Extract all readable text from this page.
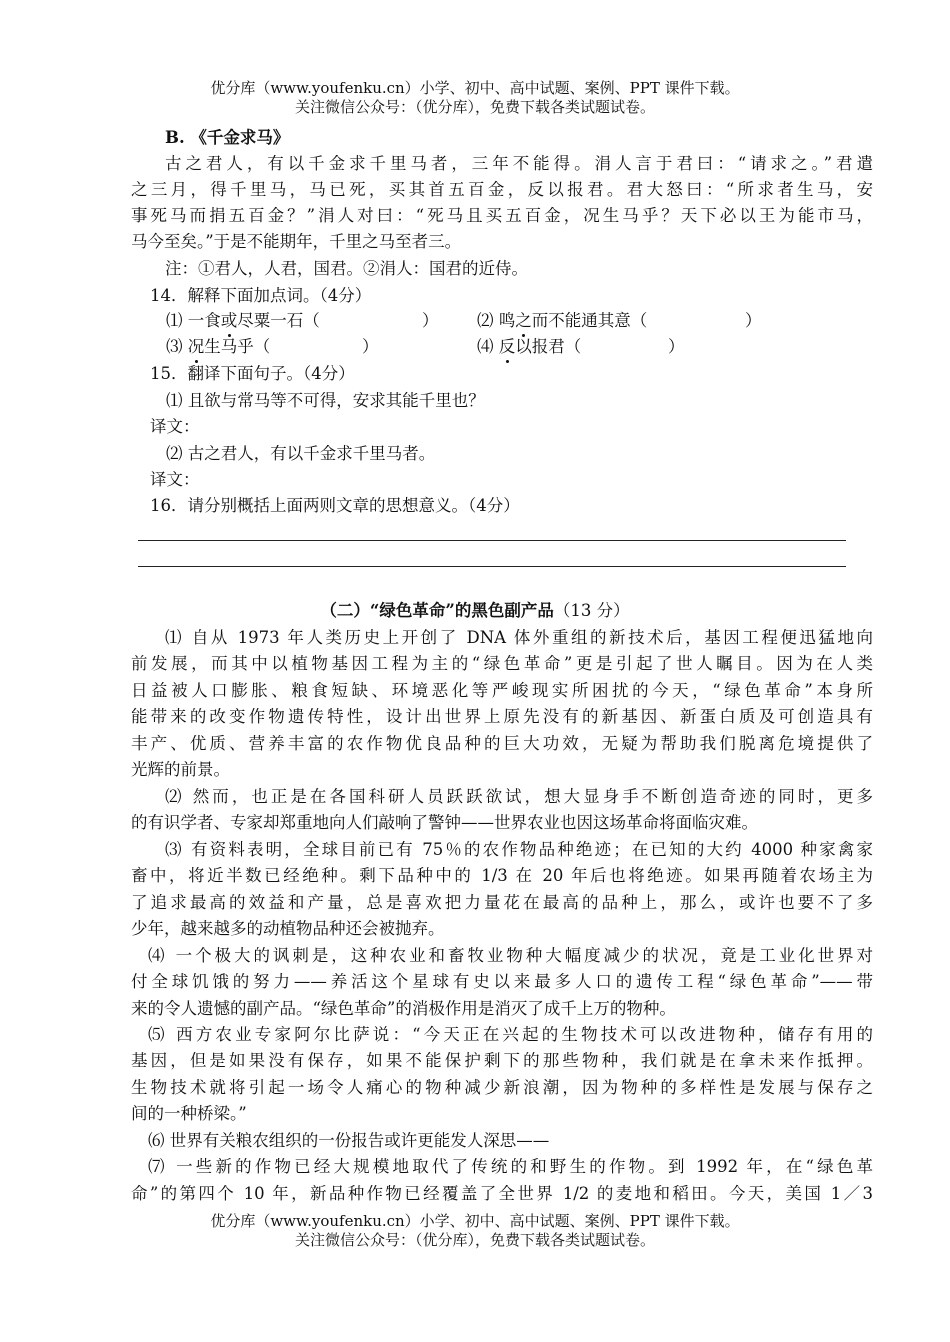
优分库（www.youfenku.cn）小学、初中、高中试题、案例、PPT 课件下载。
关注微信公众号：（优分库），免费下载各类试题试卷。
B. 《千金求马》
古之君人，有以千金求千里马者，三年不能得。涓人言于君曰：“请求之。”君遣
之三月，得千里马，马已死，买其首五百金，反以报君。君大怒曰：“所求者生马，安
事死马而捐五百金？”涓人对曰：“死马且买五百金，况生马乎？天下必以王为能市马，
马今至矣。”于是不能期年，千里之马至者三。
注：①君人，人君，国君。②涓人：国君的近侍。
14．解释下面加点词。（4分）
⑴ 一食或尽粟一石（	） ⑵ 鸣之而不能通其意（	）
⑶ 况生马乎（	）	⑷ 反以报君（	）
15．翻译下面句子。（4分）
⑴ 且欲与常马等不可得，安求其能千里也？
译文：
⑵ 古之君人，有以千金求千里马者。
译文：
16．请分别概括上面两则文章的思想意义。（4分）
（二）“绿色革命”的黑色副产品（13 分）
⑴ 自从 1973 年人类历史上开创了 DNA 体外重组的新技术后，基因工程便迅猛地向
前发展，而其中以植物基因工程为主的“绿色革命”更是引起了世人瞩目。因为在人类
日益被人口膨胀、粮食短缺、环境恶化等严峻现实所困扰的今天，“绿色革命”本身所
能带来的改变作物遗传特性，设计出世界上原先没有的新基因、新蛋白质及可创造具有
丰产、优质、营养丰富的农作物优良品种的巨大功效，无疑为帮助我们脱离危境提供了
光辉的前景。
⑵ 然而，也正是在各国科研人员跃跃欲试，想大显身手不断创造奇迹的同时，更多
的有识学者、专家却郑重地向人们敲响了警钟——世界农业也因这场革命将面临灾难。
⑶ 有资料表明，全球目前已有 75％的农作物品种绝迹；在已知的大约 4000 种家禽家
畜中，将近半数已经绝种。剩下品种中的 1/3 在 20 年后也将绝迹。如果再随着农场主为
了追求最高的效益和产量，总是喜欢把力量花在最高的品种上，那么，或许也要不了多
少年，越来越多的动植物品种还会被抛弃。
⑷ 一个极大的讽刺是，这种农业和畜牧业物种大幅度减少的状况，竟是工业化世界对
付全球饥饿的努力——养活这个星球有史以来最多人口的遗传工程“绿色革命”——带
来的令人遗憾的副产品。“绿色革命”的消极作用是消灭了成千上万的物种。
⑸ 西方农业专家阿尔比萨说：“今天正在兴起的生物技术可以改进物种，储存有用的
基因，但是如果没有保存，如果不能保护剩下的那些物种，我们就是在拿未来作抵押。
生物技术就将引起一场令人痛心的物种减少新浪潮，因为物种的多样性是发展与保存之
间的一种桥梁。”
⑹ 世界有关粮农组织的一份报告或许更能发人深思——
⑺ 一些新的作物已经大规模地取代了传统的和野生的作物。到 1992 年，在“绿色革
命”的第四个 10 年，新品种作物已经覆盖了全世界 1/2 的麦地和稻田。今天，美国 1／3
优分库（www.youfenku.cn）小学、初中、高中试题、案例、PPT 课件下载。
关注微信公众号：（优分库），免费下载各类试题试卷。
